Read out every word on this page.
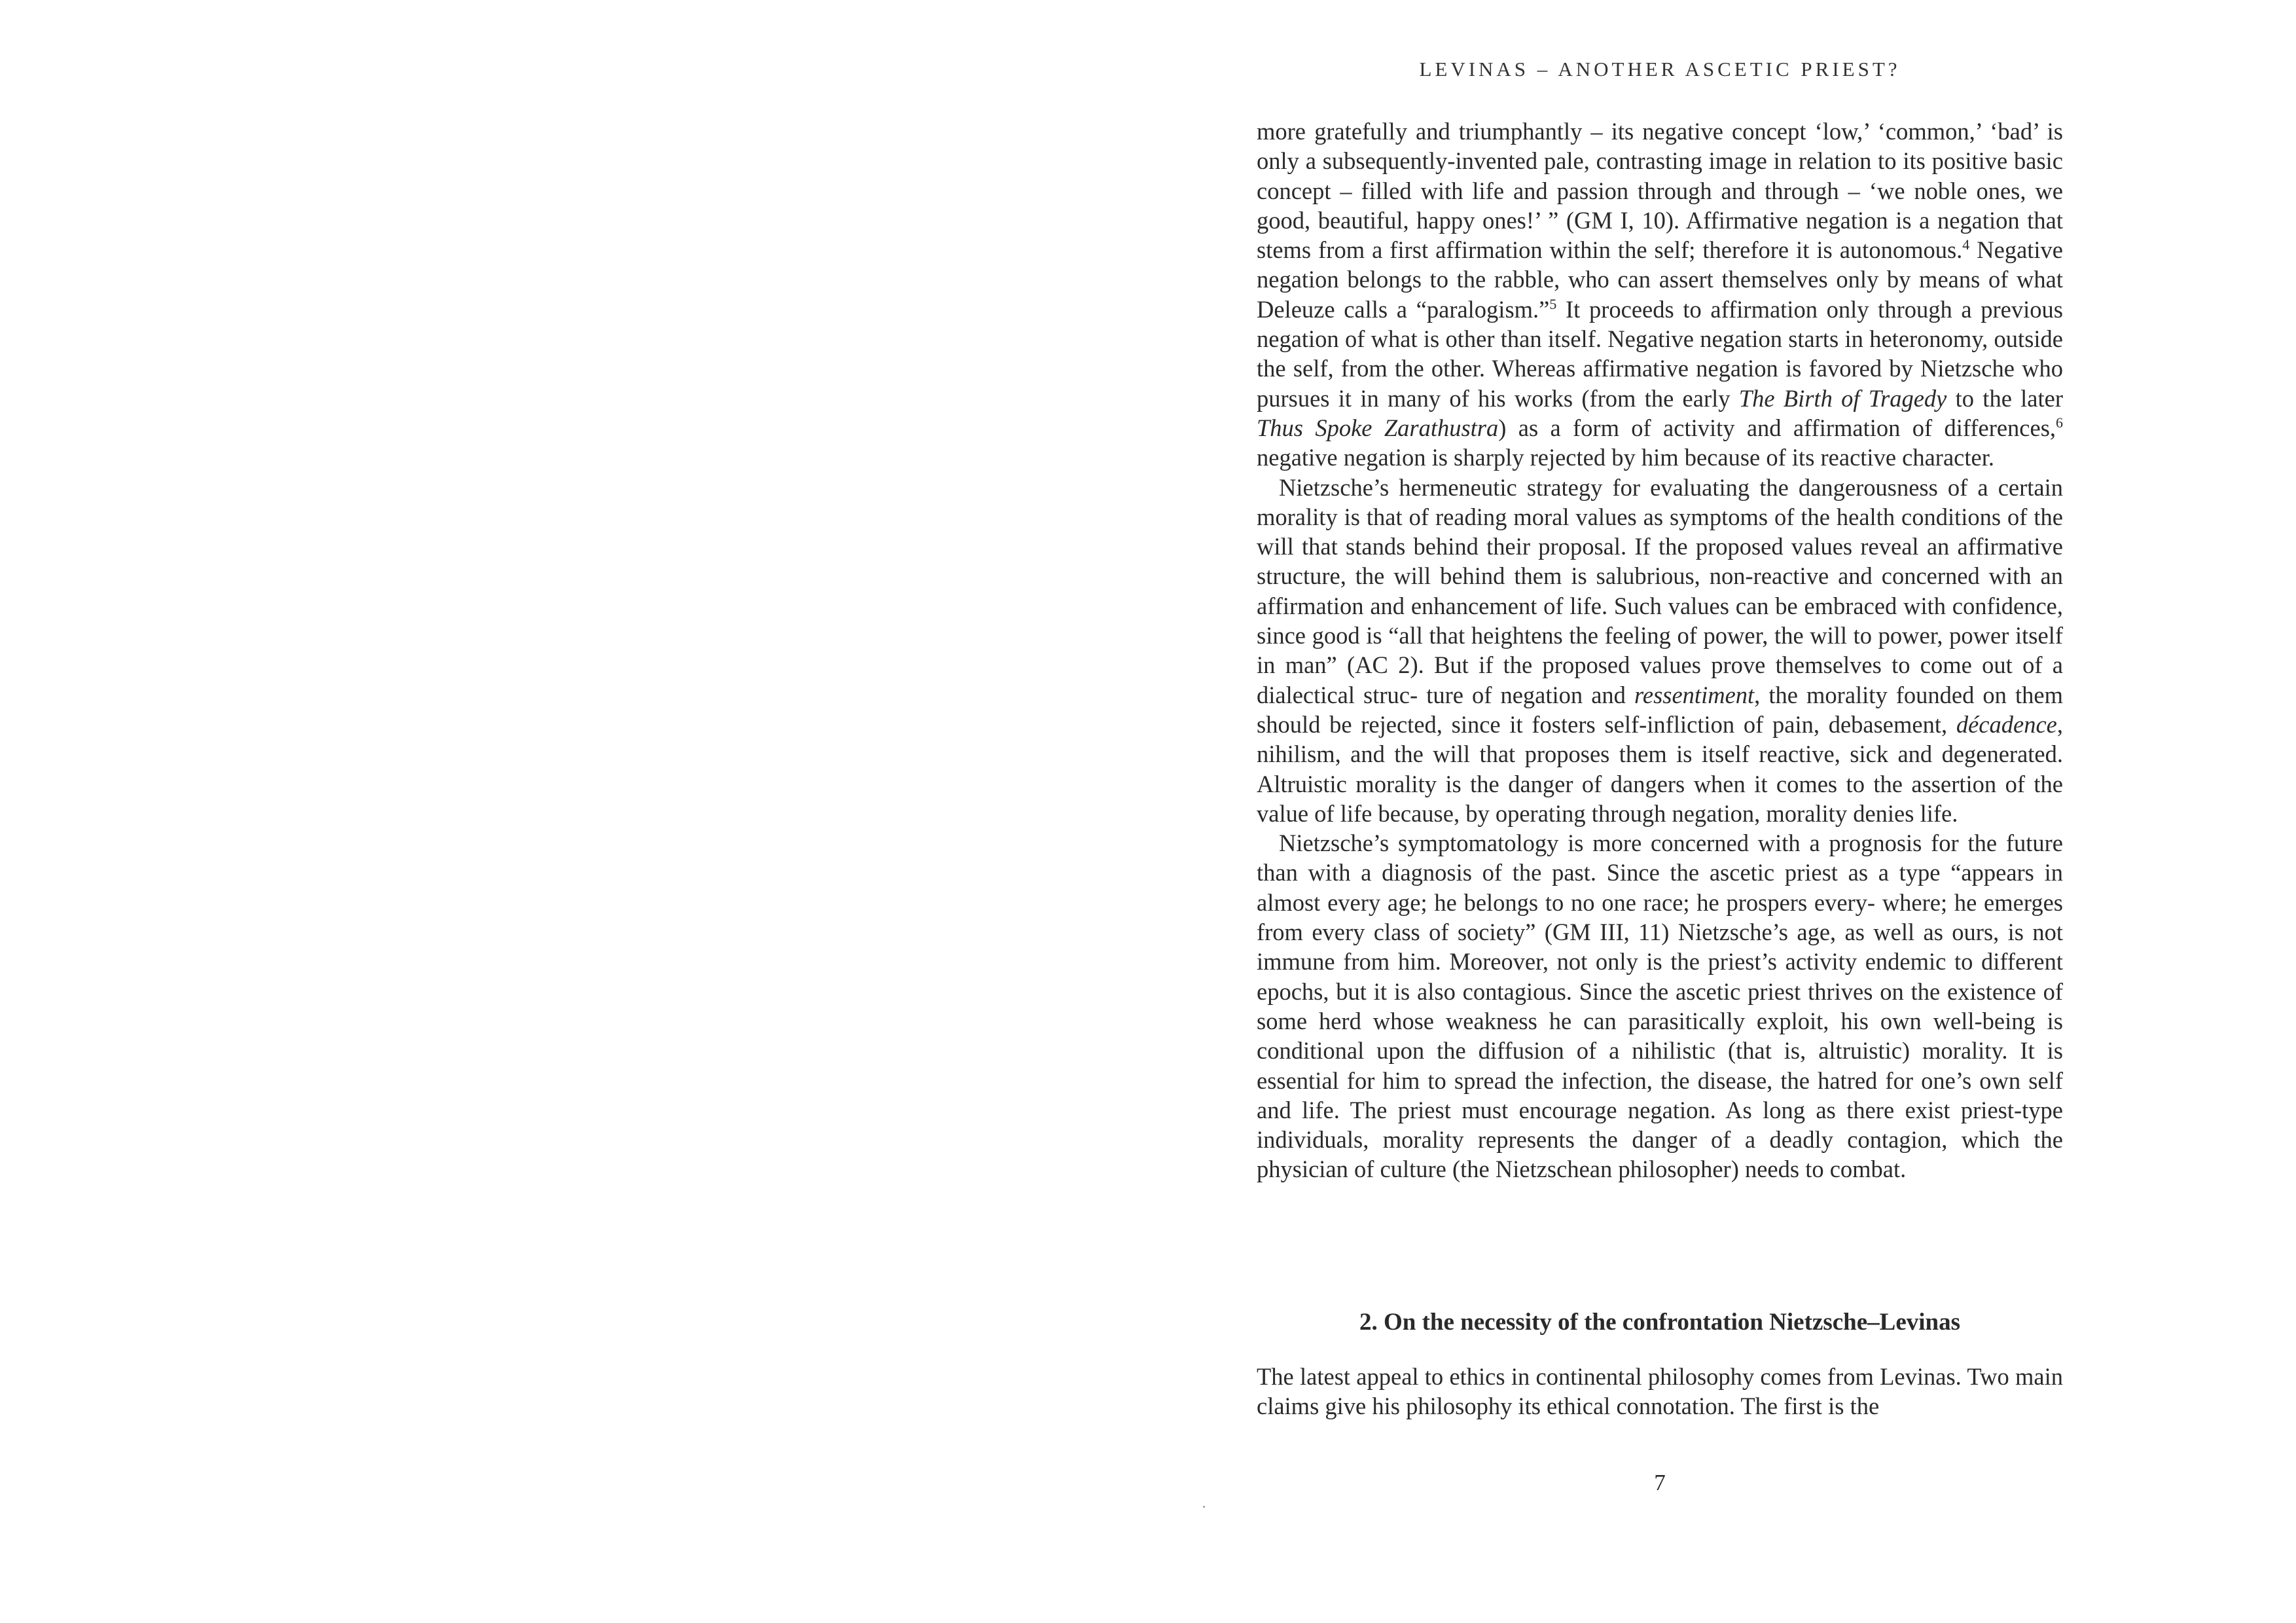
LEVINAS – ANOTHER ASCETIC PRIEST?

more gratefully and triumphantly – its negative concept ‘low,’ ‘common,’ ‘bad’ is only a subsequently-invented pale, contrasting image in relation to its positive basic concept – filled with life and passion through and through – ‘we noble ones, we good, beautiful, happy ones!’ ” (GM I, 10). Affirmative negation is a negation that stems from a first affirmation within the self; therefore it is autonomous.$^4$ Negative negation belongs to the rabble, who can assert themselves only by means of what Deleuze calls a “paralogism.”$^5$ It proceeds to affirmation only through a previous negation of what is other than itself. Negative negation starts in heteronomy, outside the self, from the other. Whereas affirmative negation is favored by Nietzsche who pursues it in many of his works (from the early The Birth of Tragedy to the later Thus Spoke Zarathustra) as a form of activity and affirmation of differences,$^6$ negative negation is sharply rejected by him because of its reactive character.

Nietzsche’s hermeneutic strategy for evaluating the dangerousness of a certain morality is that of reading moral values as symptoms of the health conditions of the will that stands behind their proposal. If the proposed values reveal an affirmative structure, the will behind them is salubrious, non-reactive and concerned with an affirmation and enhancement of life. Such values can be embraced with confidence, since good is “all that heightens the feeling of power, the will to power, power itself in man” (AC 2). But if the proposed values prove themselves to come out of a dialectical struc- ture of negation and ressentiment, the morality founded on them should be rejected, since it fosters self-infliction of pain, debasement, décadence, nihilism, and the will that proposes them is itself reactive, sick and degenerated. Altruistic morality is the danger of dangers when it comes to the assertion of the value of life because, by operating through negation, morality denies life.

Nietzsche’s symptomatology is more concerned with a prognosis for the future than with a diagnosis of the past. Since the ascetic priest as a type “appears in almost every age; he belongs to no one race; he prospers every- where; he emerges from every class of society” (GM III, 11) Nietzsche’s age, as well as ours, is not immune from him. Moreover, not only is the priest’s activity endemic to different epochs, but it is also contagious. Since the ascetic priest thrives on the existence of some herd whose weakness he can parasitically exploit, his own well-being is conditional upon the diffusion of a nihilistic (that is, altruistic) morality. It is essential for him to spread the infection, the disease, the hatred for one’s own self and life. The priest must encourage negation. As long as there exist priest-type individuals, morality represents the danger of a deadly contagion, which the physician of culture (the Nietzschean philosopher) needs to combat.

2. On the necessity of the confrontation Nietzsche–Levinas

The latest appeal to ethics in continental philosophy comes from Levinas. Two main claims give his philosophy its ethical connotation. The first is the

7
